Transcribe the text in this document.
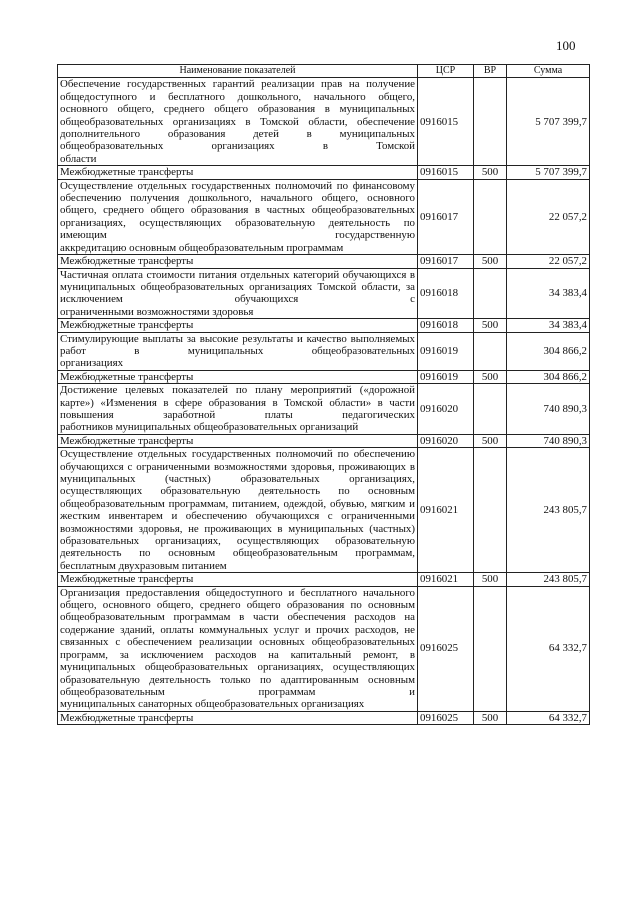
100
Наименование показателей	ЦСР	ВР	Сумма
Обеспечение государственных гарантий реализации прав на получение общедоступного и бесплатного дошкольного, начального общего, основного общего, среднего общего образования в муниципальных общеобразовательных организациях в Томской области, обеспечение дополнительного образования детей в муниципальных общеобразовательных организациях в Томской
области	0916015		5 707 399,7
Межбюджетные трансферты	0916015	500	5 707 399,7
Осуществление отдельных государственных полномочий по финансовому обеспечению получения дошкольного, начального общего, основного общего, среднего общего образования в частных общеобразовательных организациях, осуществляющих образовательную деятельность по имеющим государственную
аккредитацию основным общеобразовательным программам	0916017		22 057,2
Межбюджетные трансферты	0916017	500	22 057,2
Частичная оплата стоимости питания отдельных категорий обучающихся в муниципальных общеобразовательных организациях Томской области, за исключением обучающихся с
ограниченными возможностями здоровья	0916018		34 383,4
Межбюджетные трансферты	0916018	500	34 383,4
Стимулирующие выплаты за высокие результаты и качество выполняемых работ в муниципальных общеобразовательных
организациях	0916019		304 866,2
Межбюджетные трансферты	0916019	500	304 866,2
Достижение целевых показателей по плану мероприятий («дорожной карте») «Изменения в сфере образования в Томской области» в части повышения заработной платы педагогических
работников муниципальных общеобразовательных организаций	0916020		740 890,3
Межбюджетные трансферты	0916020	500	740 890,3
Осуществление отдельных государственных полномочий по обеспечению обучающихся с ограниченными возможностями здоровья, проживающих в муниципальных (частных) образовательных организациях, осуществляющих образовательную деятельность по основным общеобразовательным программам, питанием, одеждой, обувью, мягким и жестким инвентарем и обеспечению обучающихся с ограниченными возможностями здоровья, не проживающих в муниципальных (частных) образовательных организациях, осуществляющих образовательную деятельность по основным общеобразовательным программам,
бесплатным двухразовым питанием	0916021		243 805,7
Межбюджетные трансферты	0916021	500	243 805,7
Организация предоставления общедоступного и бесплатного начального общего, основного общего, среднего общего образования по основным общеобразовательным программам в части обеспечения расходов на содержание зданий, оплаты коммунальных услуг и прочих расходов, не связанных с обеспечением реализации основных общеобразовательных программ, за исключением расходов на капитальный ремонт, в муниципальных общеобразовательных организациях, осуществляющих образовательную деятельность только по адаптированным основным общеобразовательным программам и
муниципальных санаторных общеобразовательных организациях	0916025		64 332,7
Межбюджетные трансферты	0916025	500	64 332,7
